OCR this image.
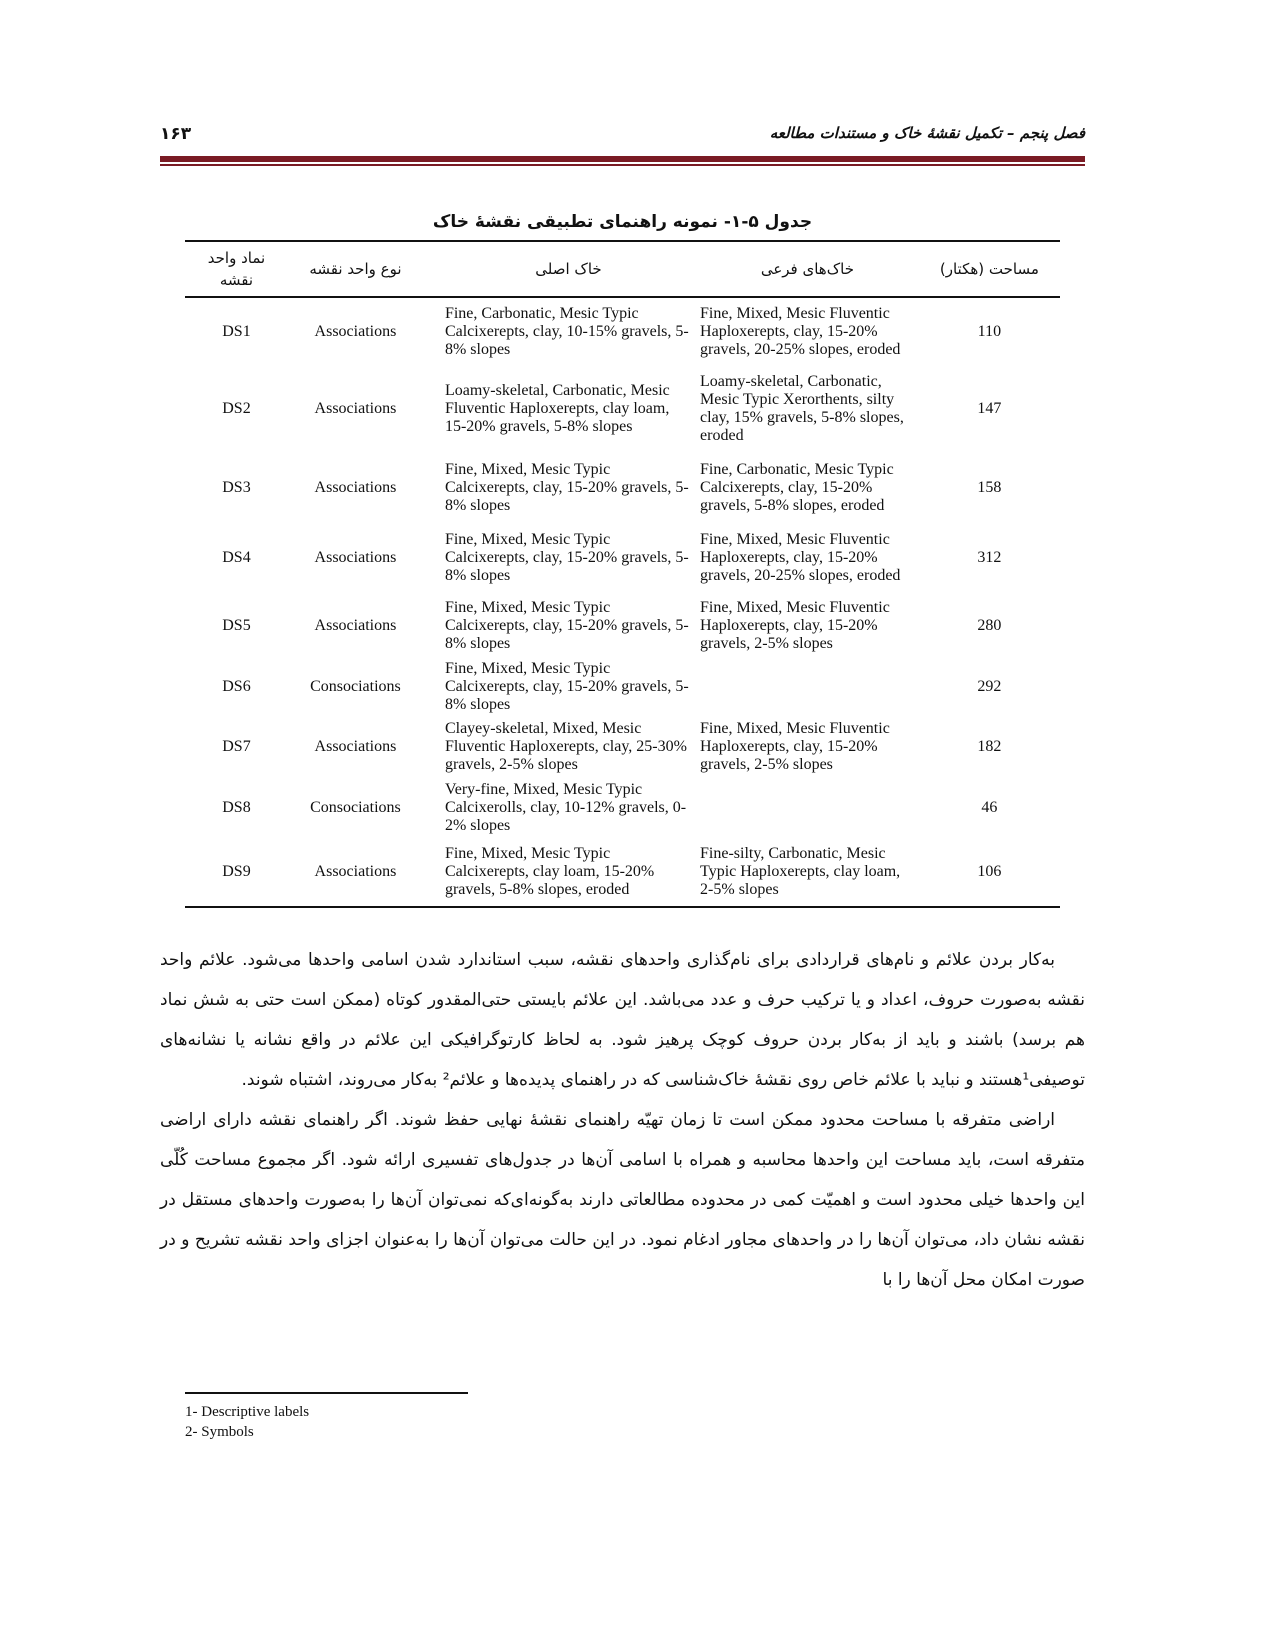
فصل پنجم – تکمیل نقشهٔ خاک و مستندات مطالعه
۱۶۳
جدول ۵-۱- نمونه راهنمای تطبیقی نقشهٔ خاک
نماد واحد نقشه	نوع واحد نقشه	خاک اصلی	خاک‌های فرعی	مساحت (هکتار)
DS1	Associations	Fine, Carbonatic, Mesic Typic Calcixerepts, clay, 10-15% gravels, 5-8% slopes	Fine, Mixed, Mesic Fluventic Haploxerepts, clay, 15-20% gravels, 20-25% slopes, eroded	110
DS2	Associations	Loamy-skeletal, Carbonatic, Mesic Fluventic Haploxerepts, clay loam, 15-20% gravels, 5-8% slopes	Loamy-skeletal, Carbonatic, Mesic Typic Xerorthents, silty clay, 15% gravels, 5-8% slopes, eroded	147
DS3	Associations	Fine, Mixed, Mesic Typic Calcixerepts, clay, 15-20% gravels, 5-8% slopes	Fine, Carbonatic, Mesic Typic Calcixerepts, clay, 15-20% gravels, 5-8% slopes, eroded	158
DS4	Associations	Fine, Mixed, Mesic Typic Calcixerepts, clay, 15-20% gravels, 5-8% slopes	Fine, Mixed, Mesic Fluventic Haploxerepts, clay, 15-20% gravels, 20-25% slopes, eroded	312
DS5	Associations	Fine, Mixed, Mesic Typic Calcixerepts, clay, 15-20% gravels, 5-8% slopes	Fine, Mixed, Mesic Fluventic Haploxerepts, clay, 15-20% gravels, 2-5% slopes	280
DS6	Consociations	Fine, Mixed, Mesic Typic Calcixerepts, clay, 15-20% gravels, 5-8% slopes		292
DS7	Associations	Clayey-skeletal, Mixed, Mesic Fluventic Haploxerepts, clay, 25-30% gravels, 2-5% slopes	Fine, Mixed, Mesic Fluventic Haploxerepts, clay, 15-20% gravels, 2-5% slopes	182
DS8	Consociations	Very-fine, Mixed, Mesic Typic Calcixerolls, clay, 10-12% gravels, 0-2% slopes		46
DS9	Associations	Fine, Mixed, Mesic Typic Calcixerepts, clay loam, 15-20% gravels, 5-8% slopes, eroded	Fine-silty, Carbonatic, Mesic Typic Haploxerepts, clay loam, 2-5% slopes	106

به‌کار بردن علائم و نام‌های قراردادی برای نام‌گذاری واحدهای نقشه، سبب استاندارد شدن اسامی واحدها می‌شود. علائم واحد نقشه به‌صورت حروف، اعداد و یا ترکیب حرف و عدد می‌باشد. این علائم بایستی حتی‌المقدور کوتاه (ممکن است حتی به شش نماد هم برسد) باشند و باید از به‌کار بردن حروف کوچک پرهیز شود. به لحاظ کارتوگرافیکی این علائم در واقع نشانه یا نشانه‌های توصیفی¹هستند و نباید با علائم خاص روی نقشهٔ خاک‌شناسی که در راهنمای پدیده‌ها و علائم² به‌کار می‌روند، اشتباه شوند.

اراضی متفرقه با مساحت محدود ممکن است تا زمان تهیّه راهنمای نقشهٔ نهایی حفظ شوند. اگر راهنمای نقشه دارای اراضی متفرقه است، باید مساحت این واحدها محاسبه و همراه با اسامی آن‌ها در جدول‌های تفسیری ارائه شود. اگر مجموع مساحت کُلّی این واحدها خیلی محدود است و اهمیّت کمی در محدوده مطالعاتی دارند به‌گونه‌ای‌که نمی‌توان آن‌ها را به‌صورت واحدهای مستقل در نقشه نشان داد، می‌توان آن‌ها را در واحدهای مجاور ادغام نمود. در این حالت می‌توان آن‌ها را به‌عنوان اجزای واحد نقشه تشریح و در صورت امکان محل آن‌ها را با

1- Descriptive labels
2- Symbols
